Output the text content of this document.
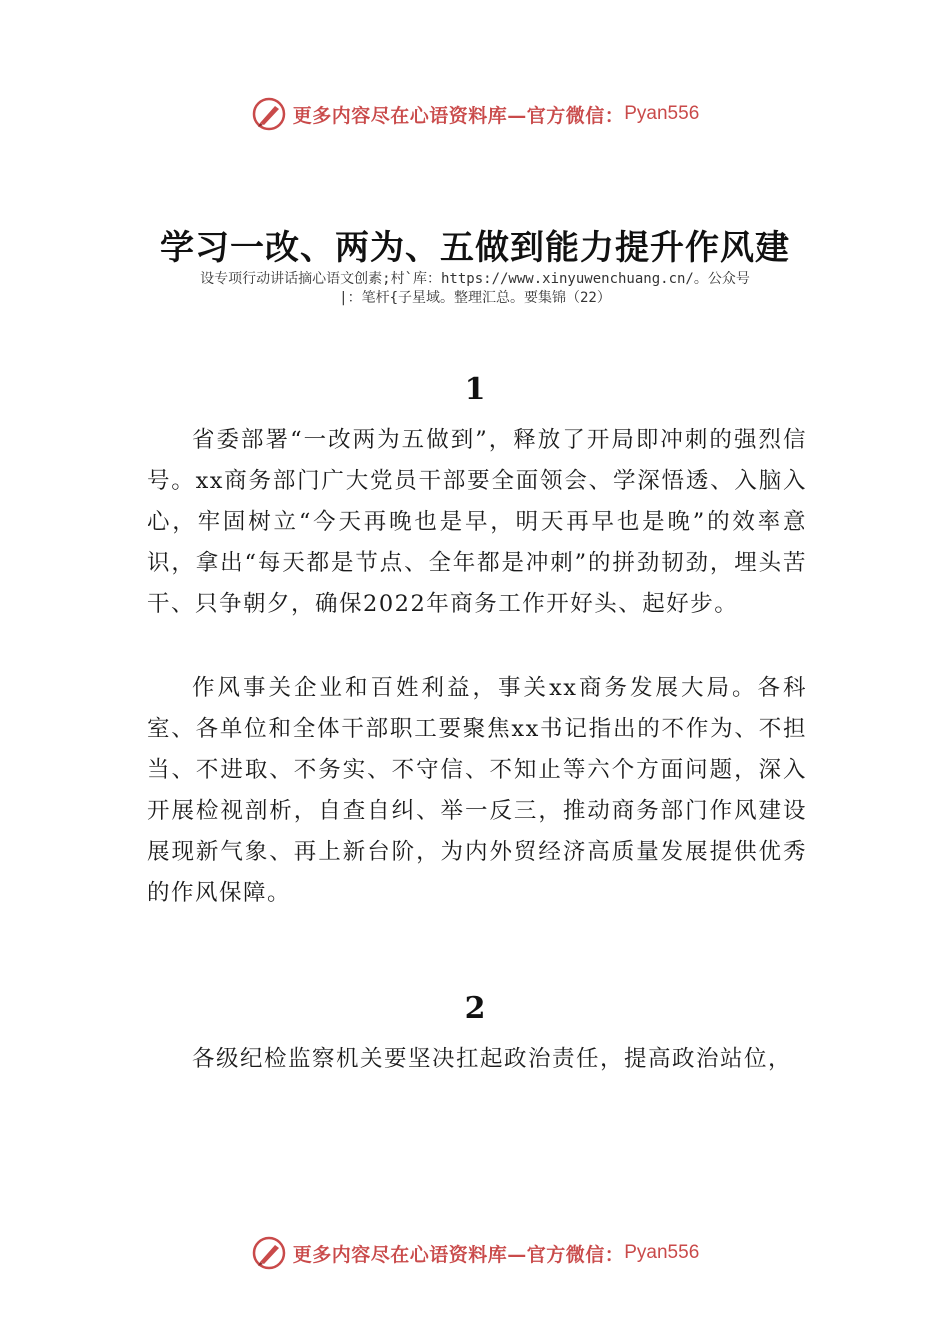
更多内容尽在心语资料库—官方微信： Pyan556
学习一改、两为、五做到能力提升作风建
设专项行动讲话摘心语文创素;村`库：https://www.xinyuwenchuang.cn/。公众号
|：笔杆{子星域。整理汇总。要集锦（22）
1

省委部署“一改两为五做到”，释放了开局即冲刺的强烈信号。xx商务部门广大党员干部要全面领会、学深悟透、入脑入心，牢固树立“今天再晚也是早，明天再早也是晚”的效率意识，拿出“每天都是节点、全年都是冲刺”的拼劲韧劲，埋头苦干、只争朝夕，确保2022年商务工作开好头、起好步。

作风事关企业和百姓利益，事关xx商务发展大局。各科室、各单位和全体干部职工要聚焦xx书记指出的不作为、不担当、不进取、不务实、不守信、不知止等六个方面问题，深入开展检视剖析，自查自纠、举一反三，推动商务部门作风建设展现新气象、再上新台阶，为内外贸经济高质量发展提供优秀的作风保障。

2

各级纪检监察机关要坚决扛起政治责任，提高政治站位，

更多内容尽在心语资料库—官方微信： Pyan556
